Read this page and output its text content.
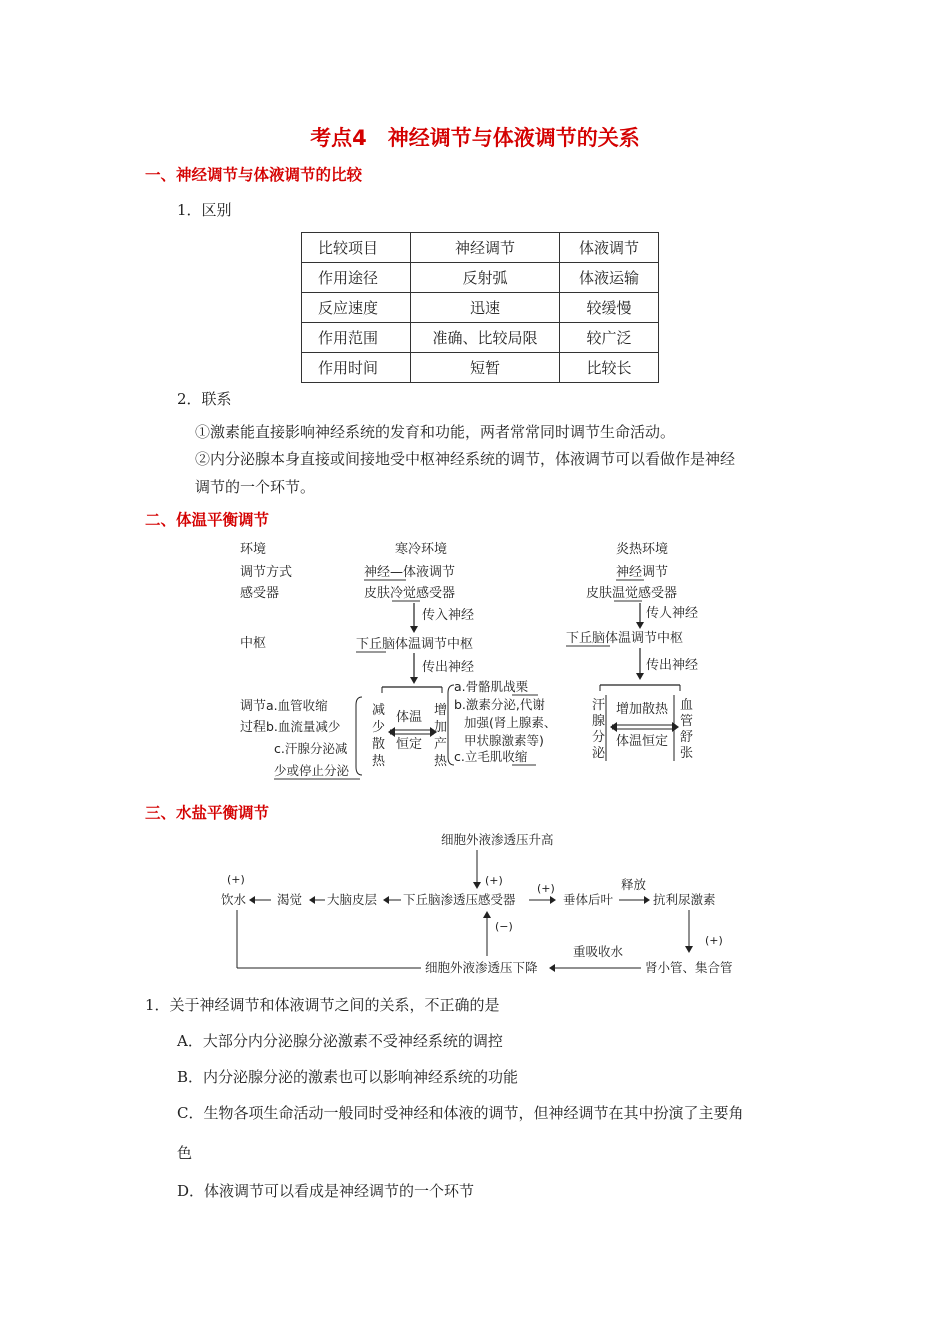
考点4　神经调节与体液调节的关系
一、神经调节与体液调节的比较
1．区别
比较项目	神经调节	体液调节
作用途径	反射弧	体液运输
反应速度	迅速	较缓慢
作用范围	准确、比较局限	较广泛
作用时间	短暂	比较长
2．联系
①激素能直接影响神经系统的发育和功能，两者常常同时调节生命活动。
②内分泌腺本身直接或间接地受中枢神经系统的调节，体液调节可以看做作是神经
调节的一个环节。
二、体温平衡调节
环境
调节方式
感受器
中枢
调节
过程
寒冷环境
神经—体液调节
皮肤冷觉感受器
传入神经
下丘脑体温调节中枢
传出神经
a.血管收缩
b.血流量减少
c.汗腺分泌减
少或停止分泌
减
少
散
热
体温
恒定
增
加
产
热
a.骨骼肌战栗
b.激素分泌,代谢
加强(肾上腺素、
甲状腺激素等)
c.立毛肌收缩
炎热环境
神经调节
皮肤温觉感受器
传人神经
下丘脑体温调节中枢
传出神经
汗
腺
分
泌
增加散热
体温恒定
血
管
舒
张
三、水盐平衡调节
细胞外液渗透压升高
(+)
(+)
饮水 渴觉 大脑皮层 下丘脑渗透压感受器
(+)
垂体后叶
释放
抗利尿激素
(+)
肾小管、集合管
重吸收水
细胞外液渗透压下降
(−)
1．关于神经调节和体液调节之间的关系，不正确的是
A．大部分内分泌腺分泌激素不受神经系统的调控
B．内分泌腺分泌的激素也可以影响神经系统的功能
C．生物各项生命活动一般同时受神经和体液的调节，但神经调节在其中扮演了主要角
色
D．体液调节可以看成是神经调节的一个环节
